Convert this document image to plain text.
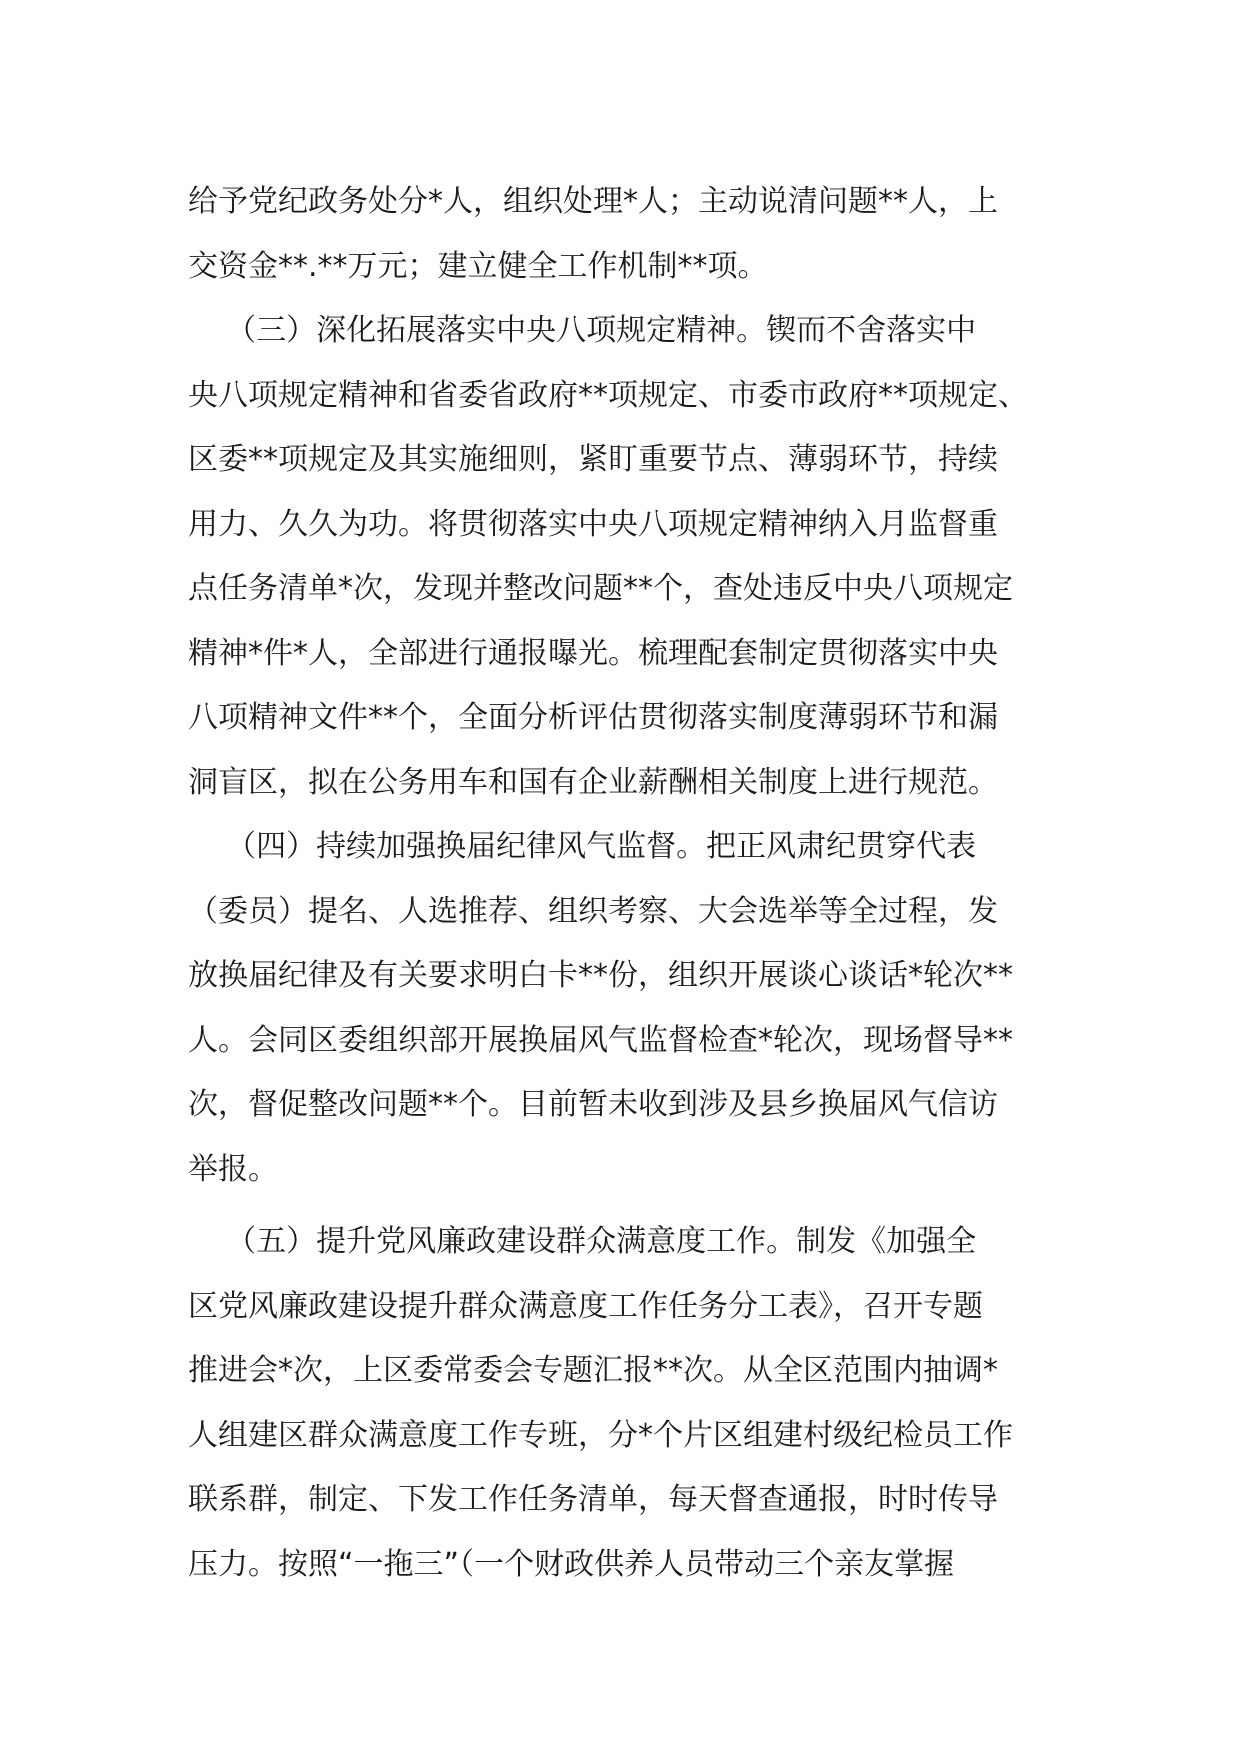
给予党纪政务处分*人，组织处理*人；主动说清问题**人，上
交资金**.**万元；建立健全工作机制**项。
（三）深化拓展落实中央八项规定精神。锲而不舍落实中
央八项规定精神和省委省政府**项规定、市委市政府**项规定、
区委**项规定及其实施细则，紧盯重要节点、薄弱环节，持续
用力、久久为功。将贯彻落实中央八项规定精神纳入月监督重
点任务清单*次，发现并整改问题**个，查处违反中央八项规定
精神*件*人，全部进行通报曝光。梳理配套制定贯彻落实中央
八项精神文件**个，全面分析评估贯彻落实制度薄弱环节和漏
洞盲区，拟在公务用车和国有企业薪酬相关制度上进行规范。
（四）持续加强换届纪律风气监督。把正风肃纪贯穿代表
（委员）提名、人选推荐、组织考察、大会选举等全过程，发
放换届纪律及有关要求明白卡**份，组织开展谈心谈话*轮次**
人。会同区委组织部开展换届风气监督检查*轮次，现场督导**
次，督促整改问题**个。目前暂未收到涉及县乡换届风气信访
举报。
（五）提升党风廉政建设群众满意度工作。制发《加强全
区党风廉政建设提升群众满意度工作任务分工表》，召开专题
推进会*次，上区委常委会专题汇报**次。从全区范围内抽调*
人组建区群众满意度工作专班，分*个片区组建村级纪检员工作
联系群，制定、下发工作任务清单，每天督查通报，时时传导
压力。按照“一拖三”（一个财政供养人员带动三个亲友掌握
